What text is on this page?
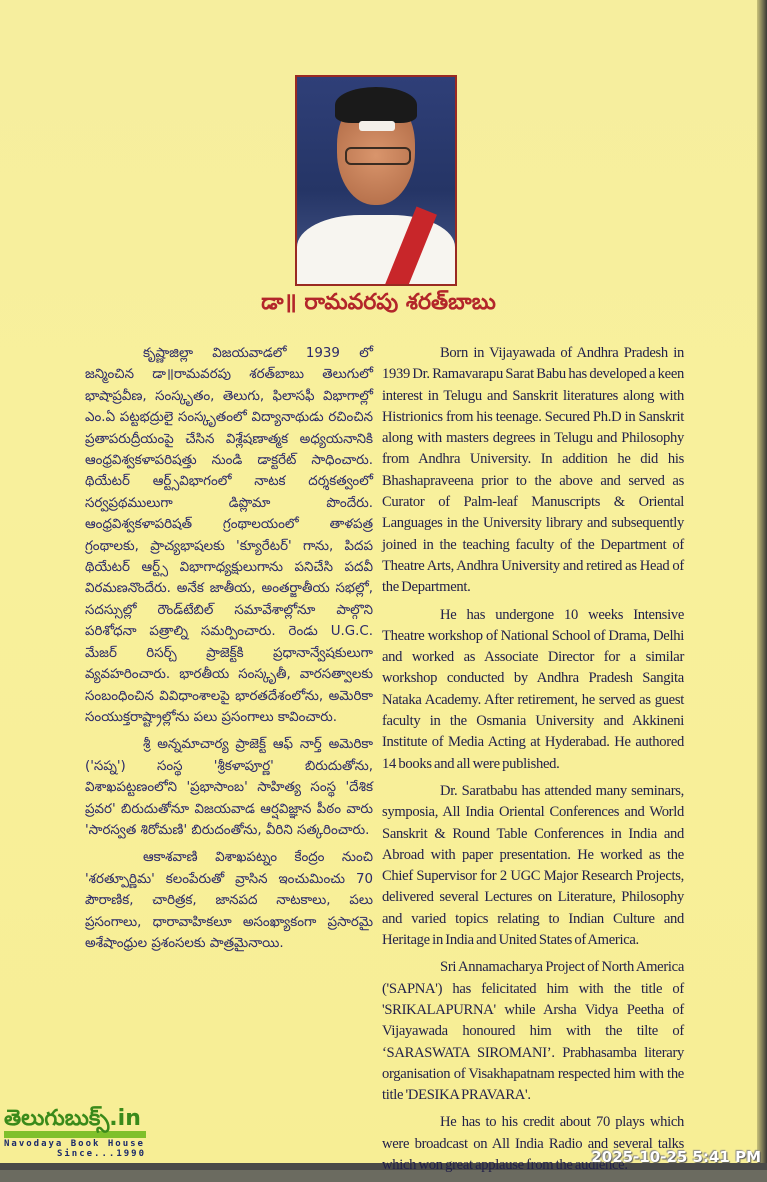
డా॥ రామవరపు శరత్‌బాబు

కృష్ణాజిల్లా విజయవాడలో 1939 లో జన్మించిన డా॥రామవరపు శరత్‌బాబు తెలుగులో భాషాప్రవీణ, సంస్కృతం, తెలుగు, ఫిలాసఫీ విభాగాల్లో ఎం.ఏ పట్టభద్రులై సంస్కృతంలో విద్యానాథుడు రచించిన ప్రతాపరుద్రీయంపై చేసిన విశ్లేషణాత్మక అధ్యయనానికి ఆంధ్రవిశ్వకళాపరిషత్తు నుండి డాక్టరేట్ సాధించారు. థియేటర్ ఆర్ట్స్‌విభాగంలో నాటక దర్శకత్వంలో సర్వప్రథములుగా డిప్లొమా పొందేరు. ఆంధ్రవిశ్వకళాపరిషత్ గ్రంథాలయంలో తాళపత్ర గ్రంథాలకు, ప్రాచ్యభాషలకు 'క్యూరేటర్' గాను, పిదప థియేటర్ ఆర్ట్స్ విభాగాధ్యక్షులుగాను పనిచేసి పదవీ విరమణనొందేరు. అనేక జాతీయ, అంతర్జాతీయ సభల్లో, సదస్సుల్లో రౌండ్‌టేబిల్ సమావేశాల్లోనూ పాల్గొని పరిశోధనా పత్రాల్ని సమర్పించారు. రెండు U.G.C. మేజర్ రిసర్చ్ ప్రాజెక్ట్‌కి ప్రధానాన్వేషకులుగా వ్యవహరించారు. భారతీయ సంస్కృతీ, వారసత్వాలకు సంబంధించిన వివిధాంశాలపై భారతదేశంలోను, అమెరికా సంయుక్తరాష్ట్రాల్లోను పలు ప్రసంగాలు కావించారు.

శ్రీ అన్నమాచార్య ప్రాజెక్ట్ ఆఫ్ నార్త్ అమెరికా ('సప్న') సంస్థ 'శ్రీకళాపూర్ణ' బిరుదుతోను, విశాఖపట్టణంలోని 'ప్రభాసాంబ' సాహిత్య సంస్థ 'దేశిక ప్రవర' బిరుదుతోనూ విజయవాడ ఆర్షవిజ్ఞాన పీఠం వారు 'సారస్వత శిరోమణి' బిరుదంతోను, వీరిని సత్కరించారు.

ఆకాశవాణి విశాఖపట్నం కేంద్రం నుంచి 'శరత్పూర్ణిమ' కలంపేరుతో వ్రాసిన ఇంచుమించు 70 పౌరాణిక, చారిత్రక, జానపద నాటకాలు, పలు ప్రసంగాలు, ధారావాహికలూ అసంఖ్యాకంగా ప్రసారమై అశేషాంధ్రుల ప్రశంసలకు పాత్రమైనాయి.

Born in Vijayawada of Andhra Pradesh in 1939 Dr. Ramavarapu Sarat Babu has developed a keen interest in Telugu and Sanskrit literatures along with Histrionics from his teenage. Secured Ph.D in Sanskrit along with masters degrees in Telugu and Philosophy from Andhra University. In addition he did his Bhashapraveena prior to the above and served as Curator of Palm-leaf Manuscripts & Oriental Languages in the University library and subsequently joined in the teaching faculty of the Department of Theatre Arts, Andhra University and retired as Head of the Department.

He has undergone 10 weeks Intensive Theatre workshop of National School of Drama, Delhi and worked as Associate Director for a similar workshop conducted by Andhra Pradesh Sangita Nataka Academy. After retirement, he served as guest faculty in the Osmania University and Akkineni Institute of Media Acting at Hyderabad. He authored 14 books and all were published.

Dr. Saratbabu has attended many seminars, symposia, All India Oriental Conferences and World Sanskrit & Round Table Conferences in India and Abroad with paper presentation. He worked as the Chief Supervisor for 2 UGC Major Research Projects, delivered several Lectures on Literature, Philosophy and varied topics relating to Indian Culture and Heritage in India and United States of America.

Sri Annamacharya Project of North America ('SAPNA') has felicitated him with the title of 'SRIKALAPURNA' while Arsha Vidya Peetha of Vijayawada honoured him with the tilte of ‘SARASWATA SIROMANI’. Prabhasamba literary organisation of Visakhapatnam respected him with the title 'DESIKA PRAVARA'.

He has to his credit about 70 plays which were broadcast on All India Radio and several talks which won great applause from the audience.

తెలుగుబుక్స్.in
Navodaya Book House
Since...1990	2025-10-25 5:41 PM
